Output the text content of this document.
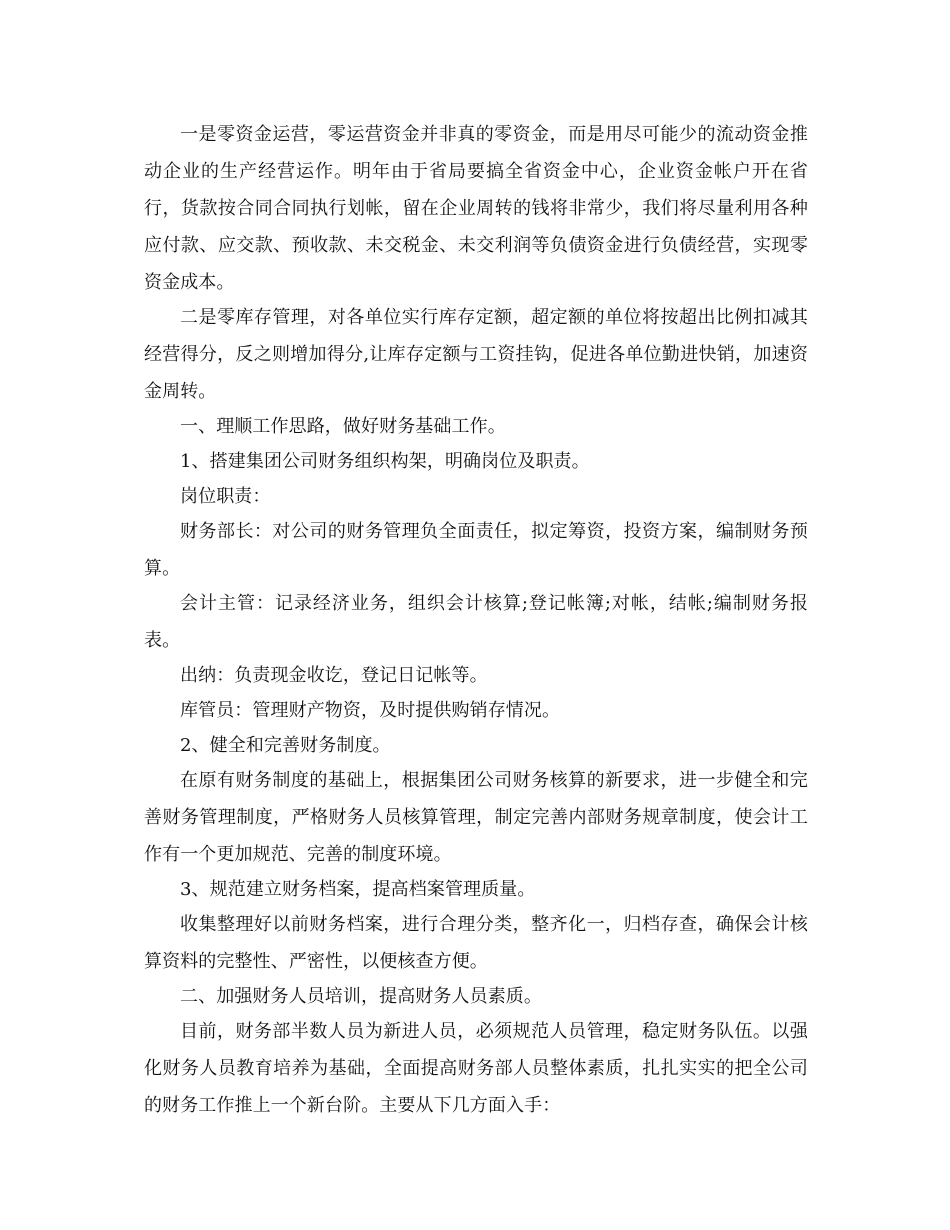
一是零资金运营，零运营资金并非真的零资金，而是用尽可能少的流动资金推动企业的生产经营运作。明年由于省局要搞全省资金中心，企业资金帐户开在省行，货款按合同合同执行划帐，留在企业周转的钱将非常少，我们将尽量利用各种应付款、应交款、预收款、未交税金、未交利润等负债资金进行负债经营，实现零资金成本。

二是零库存管理，对各单位实行库存定额，超定额的单位将按超出比例扣减其经营得分，反之则增加得分,让库存定额与工资挂钩，促进各单位勤进快销，加速资金周转。

一、理顺工作思路，做好财务基础工作。

1、搭建集团公司财务组织构架，明确岗位及职责。

岗位职责：

财务部长：对公司的财务管理负全面责任，拟定筹资，投资方案，编制财务预算。

会计主管：记录经济业务，组织会计核算;登记帐簿;对帐，结帐;编制财务报表。

出纳：负责现金收讫，登记日记帐等。

库管员：管理财产物资，及时提供购销存情况。

2、健全和完善财务制度。

在原有财务制度的基础上，根据集团公司财务核算的新要求，进一步健全和完善财务管理制度，严格财务人员核算管理，制定完善内部财务规章制度，使会计工作有一个更加规范、完善的制度环境。

3、规范建立财务档案，提高档案管理质量。

收集整理好以前财务档案，进行合理分类，整齐化一，归档存查，确保会计核算资料的完整性、严密性，以便核查方便。

二、加强财务人员培训，提高财务人员素质。

目前，财务部半数人员为新进人员，必须规范人员管理，稳定财务队伍。以强化财务人员教育培养为基础，全面提高财务部人员整体素质，扎扎实实的把全公司的财务工作推上一个新台阶。主要从下几方面入手：
